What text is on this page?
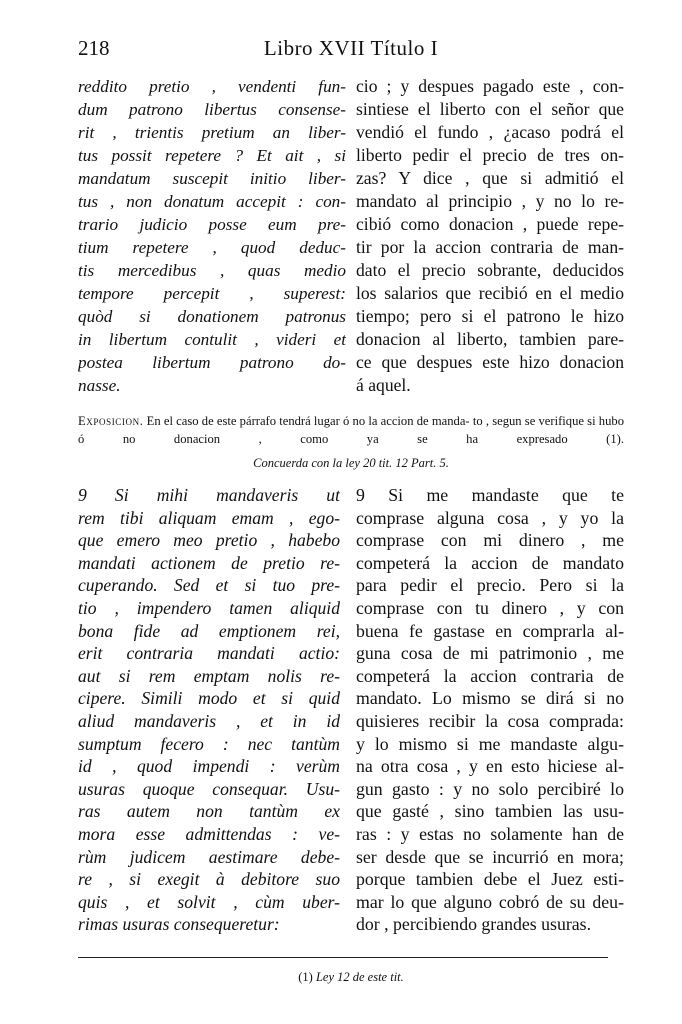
218	Libro XVII Título I
reddito pretio , vendenti fun-
dum patrono libertus consense-
rit , trientis pretium an liber-
tus possit repetere ? Et ait , si
mandatum suscepit initio liber-
tus , non donatum accepit : con-
trario judicio posse eum pre-
tium repetere , quod deduc-
tis mercedibus , quas medio
tempore percepit , superest:
quòd si donationem patronus
in libertum contulit , videri et
postea libertum patrono do-
nasse.
cio ; y despues pagado este , con-
sintiese el liberto con el señor que
vendió el fundo , ¿acaso podrá el
liberto pedir el precio de tres on-
zas? Y dice , que si admitió el
mandato al principio , y no lo re-
cibió como donacion , puede repe-
tir por la accion contraria de man-
dato el precio sobrante, deducidos
los salarios que recibió en el medio
tiempo; pero si el patrono le hizo
donacion al liberto, tambien pare-
ce que despues este hizo donacion
á aquel.
Exposicion. En el caso de este párrafo tendrá lugar ó no la accion de manda- to , segun se verifique si hubo ó no donacion , como ya se ha expresado (1).
Concuerda con la ley 20 tit. 12 Part. 5.
9 Si mihi mandaveris ut
rem tibi aliquam emam , ego-
que emero meo pretio , habebo
mandati actionem de pretio re-
cuperando. Sed et si tuo pre-
tio , impendero tamen aliquid
bona fide ad emptionem rei,
erit contraria mandati actio:
aut si rem emptam nolis re-
cipere. Simili modo et si quid
aliud mandaveris , et in id
sumptum fecero : nec tantùm
id , quod impendi : verùm
usuras quoque consequar. Usu-
ras autem non tantùm ex
mora esse admittendas : ve-
rùm judicem aestimare debe-
re , si exegit à debitore suo
quis , et solvit , cùm uber-
rimas usuras consequeretur:
9 Si me mandaste que te
comprase alguna cosa , y yo la
comprase con mi dinero , me
competerá la accion de mandato
para pedir el precio. Pero si la
comprase con tu dinero , y con
buena fe gastase en comprarla al-
guna cosa de mi patrimonio , me
competerá la accion contraria de
mandato. Lo mismo se dirá si no
quisieres recibir la cosa comprada:
y lo mismo si me mandaste algu-
na otra cosa , y en esto hiciese al-
gun gasto : y no solo percibiré lo
que gasté , sino tambien las usu-
ras : y estas no solamente han de
ser desde que se incurrió en mora;
porque tambien debe el Juez esti-
mar lo que alguno cobró de su deu-
dor , percibiendo grandes usuras.
(1) Ley 12 de este tit.
